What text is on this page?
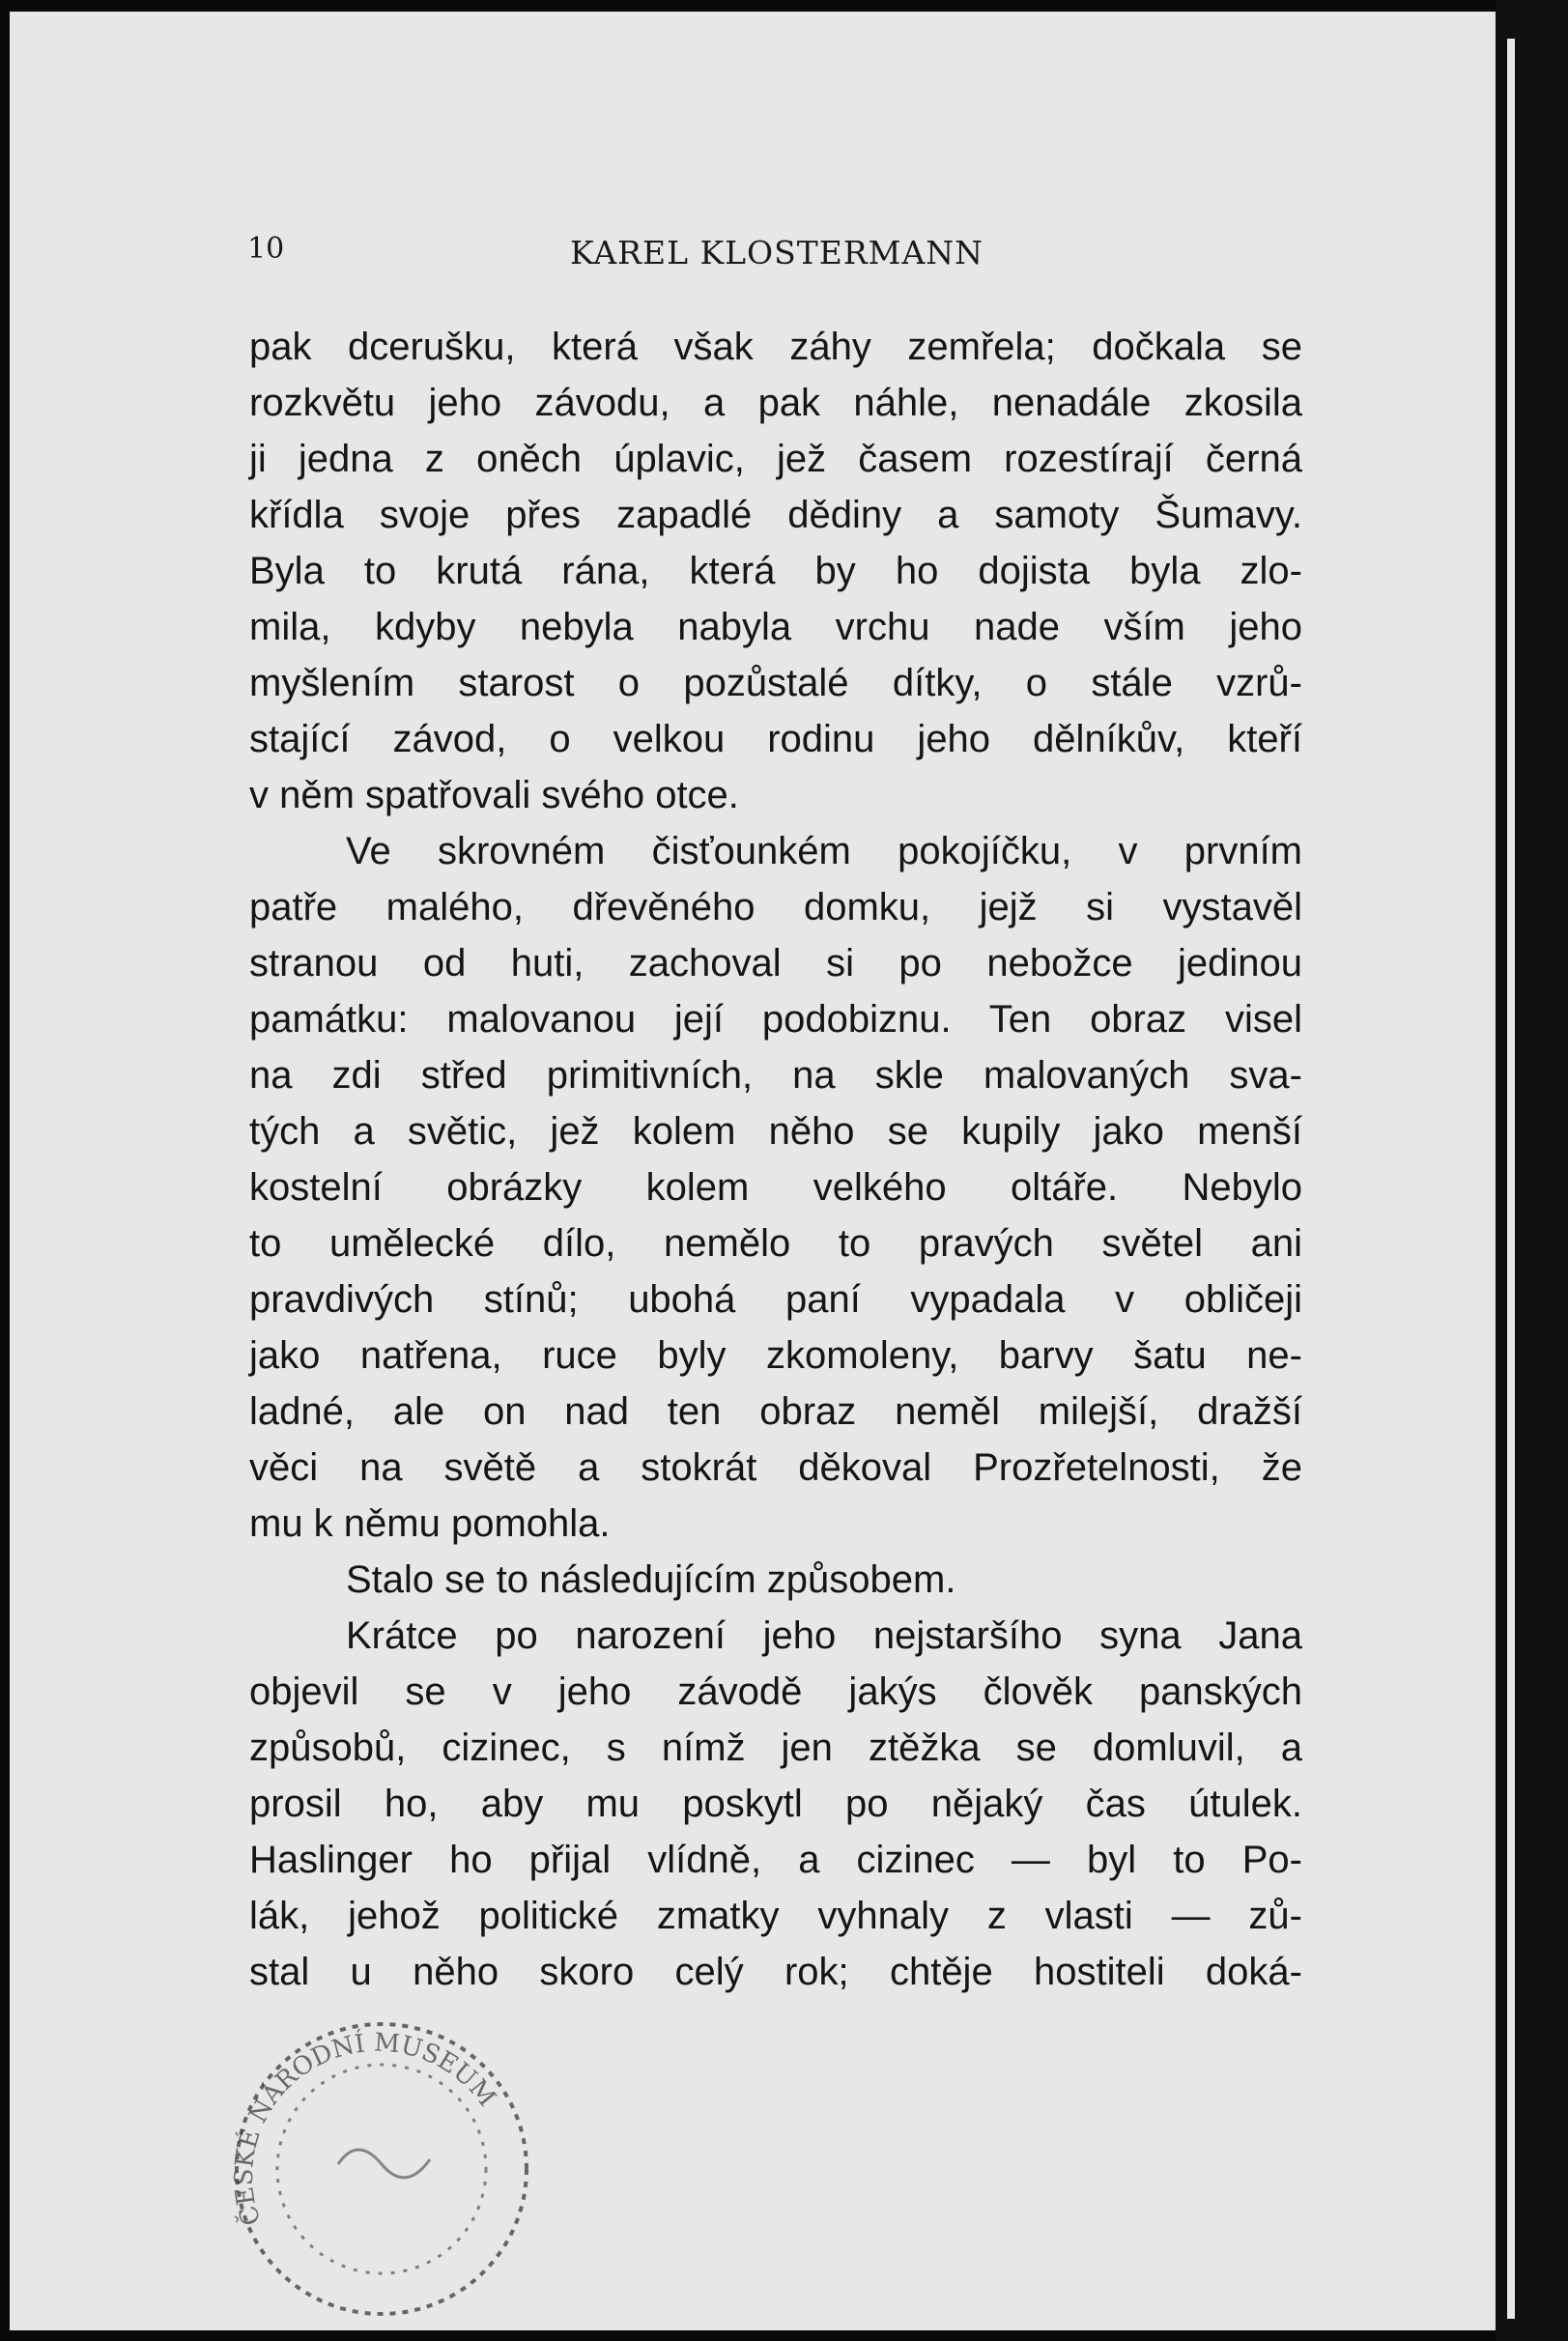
10	KAREL KLOSTERMANN
pak dcerušku, která však záhy zemřela; dočkala se
rozkvětu jeho závodu, a pak náhle, nenadále zkosila
ji jedna z oněch úplavic, jež časem rozestírají černá
křídla svoje přes zapadlé dědiny a samoty Šumavy.
Byla to krutá rána, která by ho dojista byla zlo-
mila, kdyby nebyla nabyla vrchu nade vším jeho
myšlením starost o pozůstalé dítky, o stále vzrů-
stající závod, o velkou rodinu jeho dělníkův, kteří
v něm spatřovali svého otce.
Ve skrovném čisťounkém pokojíčku, v prvním
patře malého, dřevěného domku, jejž si vystavěl
stranou od huti, zachoval si po nebožce jedinou
památku: malovanou její podobiznu. Ten obraz visel
na zdi střed primitivních, na skle malovaných sva-
tých a světic, jež kolem něho se kupily jako menší
kostelní obrázky kolem velkého oltáře. Nebylo
to umělecké dílo, nemělo to pravých světel ani
pravdivých stínů; ubohá paní vypadala v obličeji
jako natřena, ruce byly zkomoleny, barvy šatu ne-
ladné, ale on nad ten obraz neměl milejší, dražší
věci na světě a stokrát děkoval Prozřetelnosti, že
mu k němu pomohla.
Stalo se to následujícím způsobem.
Krátce po narození jeho nejstaršího syna Jana
objevil se v jeho závodě jakýs člověk panských
způsobů, cizinec, s nímž jen ztěžka se domluvil, a
prosil ho, aby mu poskytl po nějaký čas útulek.
Haslinger ho přijal vlídně, a cizinec — byl to Po-
lák, jehož politické zmatky vyhnaly z vlasti — zů-
stal u něho skoro celý rok; chtěje hostiteli doká-
ČESKÉ NÁRODNÍ MUSEUM
